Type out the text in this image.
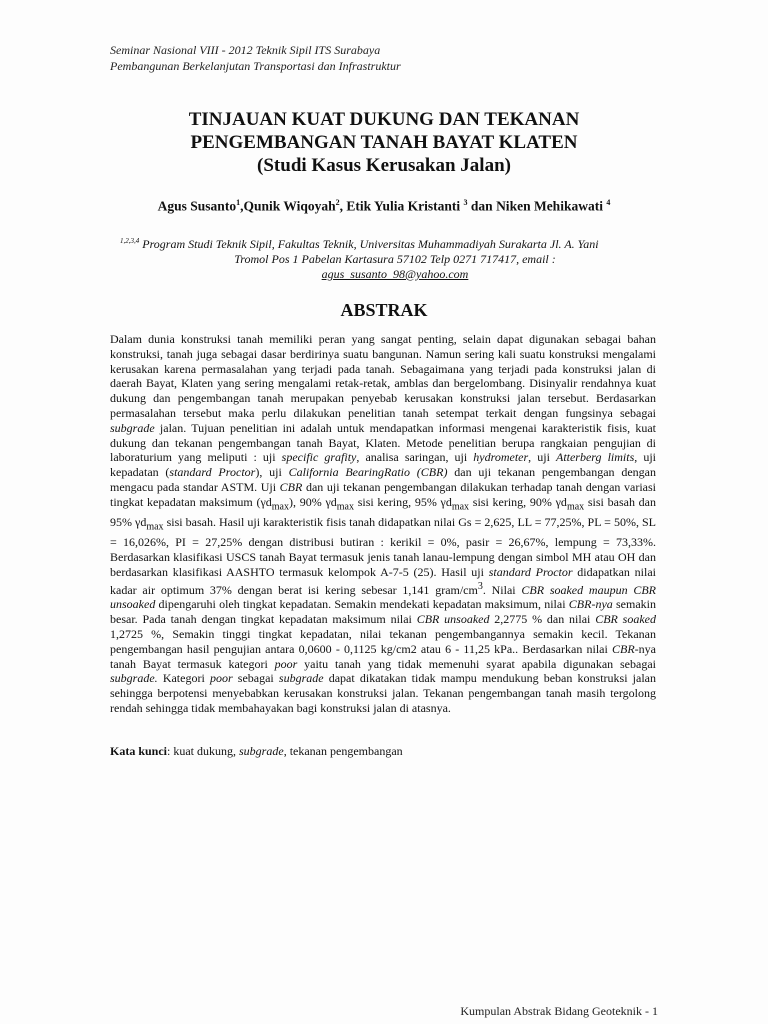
Seminar Nasional VIII - 2012 Teknik Sipil ITS Surabaya
Pembangunan Berkelanjutan Transportasi dan Infrastruktur
TINJAUAN KUAT DUKUNG DAN TEKANAN
PENGEMBANGAN TANAH BAYAT KLATEN
(Studi Kasus Kerusakan Jalan)
Agus Susanto$^1$,Qunik Wiqoyah$^2$, Etik Yulia Kristanti $^3$ dan Niken Mehikawati $^4$
$^{1,2,3,4}$ Program Studi Teknik Sipil, Fakultas Teknik, Universitas Muhammadiyah Surakarta Jl. A. Yani
Tromol Pos 1 Pabelan Kartasura 57102 Telp 0271 717417, email :
agus_susanto_98@yahoo.com
ABSTRAK

Dalam dunia konstruksi tanah memiliki peran yang sangat penting, selain dapat digunakan sebagai bahan konstruksi, tanah juga sebagai dasar berdirinya suatu bangunan. Namun sering kali suatu konstruksi mengalami kerusakan karena permasalahan yang terjadi pada tanah. Sebagaimana yang terjadi pada konstruksi jalan di daerah Bayat, Klaten yang sering mengalami retak-retak, amblas dan bergelombang. Disinyalir rendahnya kuat dukung dan pengembangan tanah merupakan penyebab kerusakan konstruksi jalan tersebut. Berdasarkan permasalahan tersebut maka perlu dilakukan penelitian tanah setempat terkait dengan fungsinya sebagai subgrade jalan. Tujuan penelitian ini adalah untuk mendapatkan informasi mengenai karakteristik fisis, kuat dukung dan tekanan pengembangan tanah Bayat, Klaten. Metode penelitian berupa rangkaian pengujian di laboraturium yang meliputi : uji specific grafity, analisa saringan, uji hydrometer, uji Atterberg limits, uji kepadatan (standard Proctor), uji California BearingRatio (CBR) dan uji tekanan pengembangan dengan mengacu pada standar ASTM. Uji CBR dan uji tekanan pengembangan dilakukan terhadap tanah dengan variasi tingkat kepadatan maksimum $(\gamma d_{max})$, 90% $\gamma d_{max}$ sisi kering, 95% $\gamma d_{max}$ sisi kering, 90% $\gamma d_{max}$ sisi basah dan 95% $\gamma d_{max}$ sisi basah. Hasil uji karakteristik fisis tanah didapatkan nilai Gs = 2,625, LL = 77,25%, PL = 50%, SL = 16,026%, PI = 27,25% dengan distribusi butiran : kerikil = 0%, pasir = 26,67%, lempung = 73,33%. Berdasarkan klasifikasi USCS tanah Bayat termasuk jenis tanah lanau-lempung dengan simbol MH atau OH dan berdasarkan klasifikasi AASHTO termasuk kelompok A-7-5 (25). Hasil uji standard Proctor didapatkan nilai kadar air optimum 37% dengan berat isi kering sebesar 1,141 gram/$cm^3$. Nilai CBR soaked maupun CBR unsoaked dipengaruhi oleh tingkat kepadatan. Semakin mendekati kepadatan maksimum, nilai CBR-nya semakin besar. Pada tanah dengan tingkat kepadatan maksimum nilai CBR unsoaked 2,2775 % dan nilai CBR soaked 1,2725 %, Semakin tinggi tingkat kepadatan, nilai tekanan pengembangannya semakin kecil. Tekanan pengembangan hasil pengujian antara 0,0600 - 0,1125 kg/cm2 atau 6 - 11,25 kPa.. Berdasarkan nilai CBR-nya tanah Bayat termasuk kategori poor yaitu tanah yang tidak memenuhi syarat apabila digunakan sebagai subgrade. Kategori poor sebagai subgrade dapat dikatakan tidak mampu mendukung beban konstruksi jalan sehingga berpotensi menyebabkan kerusakan konstruksi jalan. Tekanan pengembangan tanah masih tergolong rendah sehingga tidak membahayakan bagi konstruksi jalan di atasnya.

Kata kunci: kuat dukung, subgrade, tekanan pengembangan
Kumpulan Abstrak Bidang Geoteknik - 1
